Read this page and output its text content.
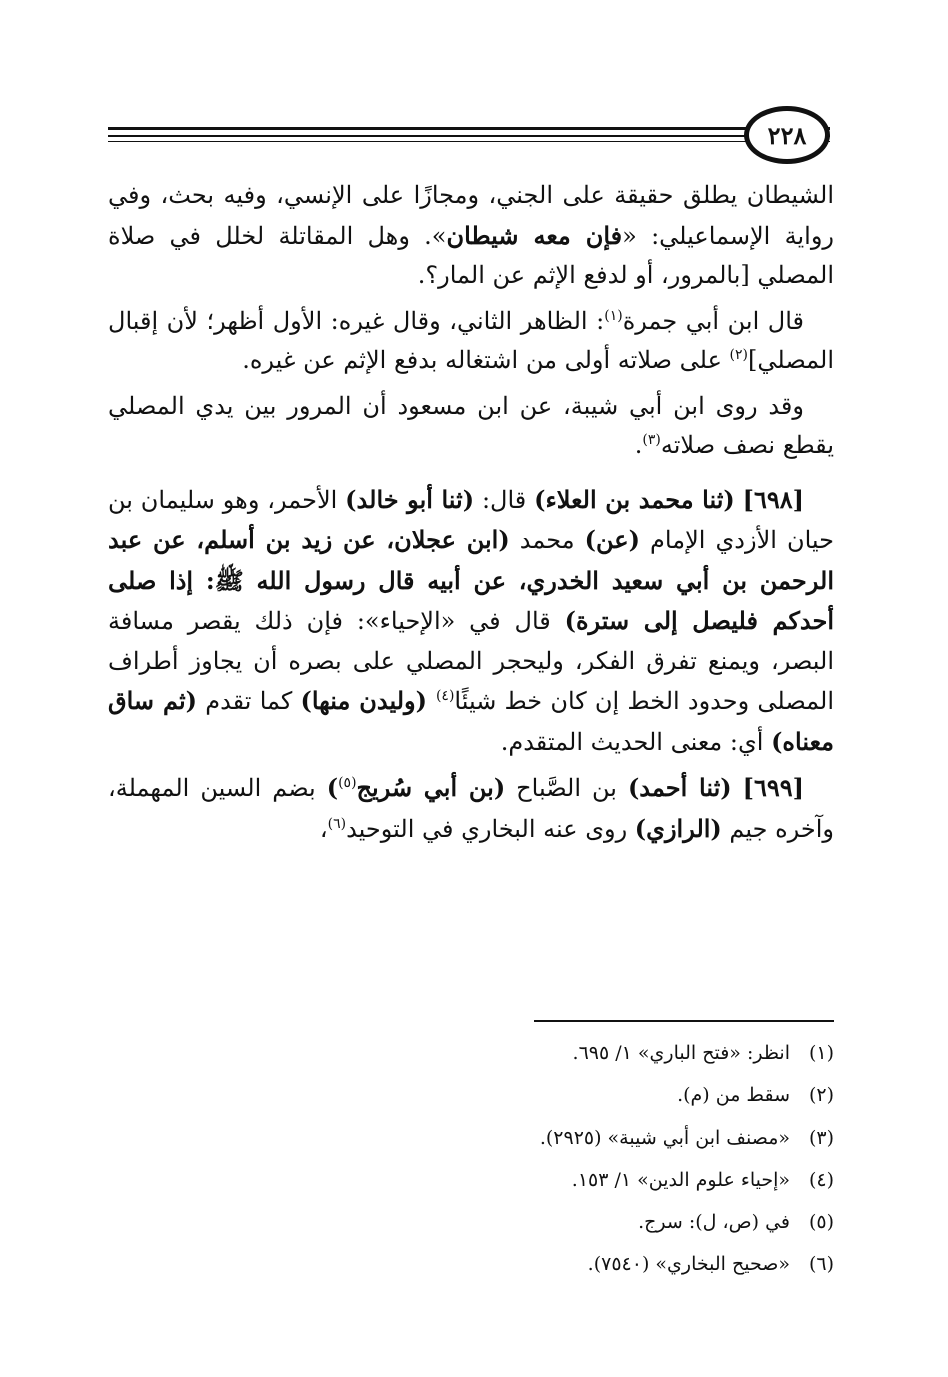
٢٢٨

الشيطان يطلق حقيقة على الجني، ومجازًا على الإنسي، وفيه بحث، وفي رواية الإسماعيلي: «فإن معه شيطان». وهل المقاتلة لخلل في صلاة المصلي [بالمرور، أو لدفع الإثم عن المار؟.

قال ابن أبي جمرة$^{(١)}$: الظاهر الثاني، وقال غيره: الأول أظهر؛ لأن إقبال المصلي]$^{(٢)}$ على صلاته أولى من اشتغاله بدفع الإثم عن غيره.

وقد روى ابن أبي شيبة، عن ابن مسعود أن المرور بين يدي المصلي يقطع نصف صلاته$^{(٣)}$.

[٦٩٨] (ثنا محمد بن العلاء) قال: (ثنا أبو خالد) الأحمر، وهو سليمان بن حيان الأزدي الإمام (عن) محمد (ابن عجلان، عن زيد بن أسلم، عن عبد الرحمن بن أبي سعيد الخدري، عن أبيه قال رسول الله ﷺ: إذا صلى أحدكم فليصل إلى سترة) قال في «الإحياء»: فإن ذلك يقصر مسافة البصر، ويمنع تفرق الفكر، وليحجر المصلي على بصره أن يجاوز أطراف المصلى وحدود الخط إن كان خط شيئًا$^{(٤)}$ (وليدن منها) كما تقدم (ثم ساق معناه) أي: معنى الحديث المتقدم.

[٦٩٩] (ثنا أحمد) بن الصَّباح (بن أبي سُريج$^{(٥)}$) بضم السين المهملة، وآخره جيم (الرازي) روى عنه البخاري في التوحيد$^{(٦)}$،

(١)
انظر: «فتح الباري» ١/ ٦٩٥.
(٢)
سقط من (م).
(٣)
«مصنف ابن أبي شيبة» (٢٩٢٥).
(٤)
«إحياء علوم الدين» ١/ ١٥٣.
(٥)
في (ص، ل): سرج.
(٦)
«صحيح البخاري» (٧٥٤٠).
